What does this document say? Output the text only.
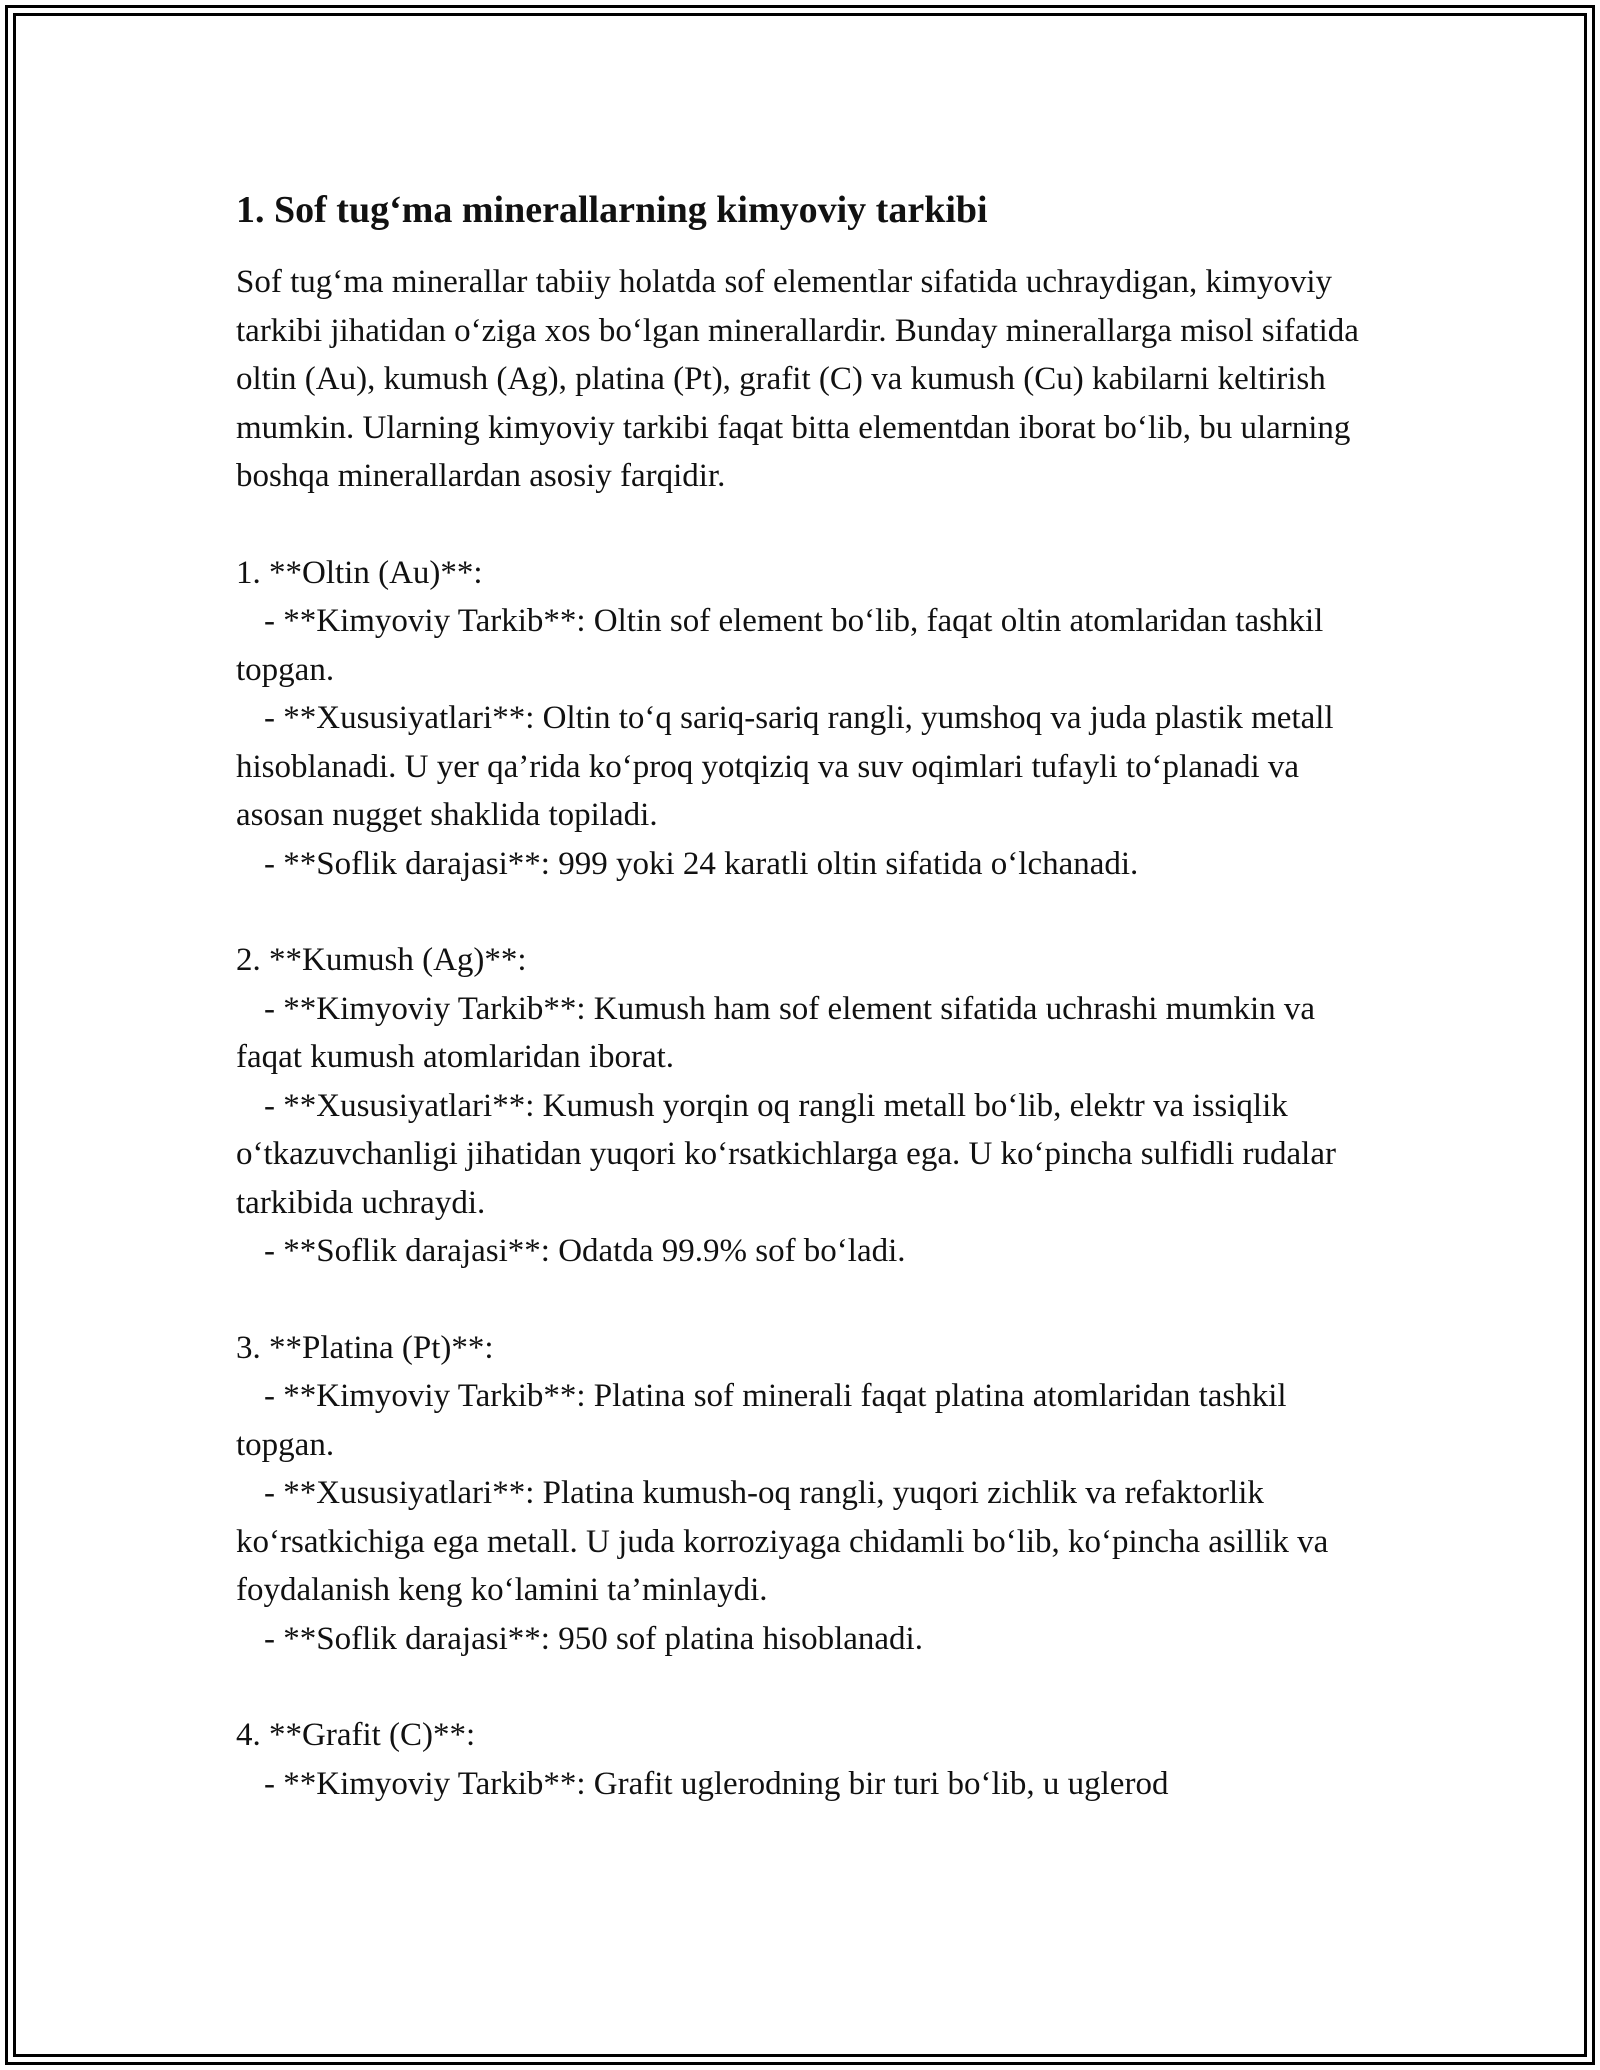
1. Sof tug‘ma minerallarning kimyoviy tarkibi

Sof tug‘ma minerallar tabiiy holatda sof elementlar sifatida uchraydigan, kimyoviy tarkibi jihatidan o‘ziga xos bo‘lgan minerallardir. Bunday minerallarga misol sifatida oltin (Au), kumush (Ag), platina (Pt), grafit (C) va kumush (Cu) kabilarni keltirish mumkin. Ularning kimyoviy tarkibi faqat bitta elementdan iborat bo‘lib, bu ularning boshqa minerallardan asosiy farqidir.

1. **Oltin (Au)**:

- **Kimyoviy Tarkib**: Oltin sof element bo‘lib, faqat oltin atomlaridan tashkil topgan.

- **Xususiyatlari**: Oltin to‘q sariq-sariq rangli, yumshoq va juda plastik metall hisoblanadi. U yer qa’rida ko‘proq yotqiziq va suv oqimlari tufayli to‘planadi va asosan nugget shaklida topiladi.

- **Soflik darajasi**: 999 yoki 24 karatli oltin sifatida o‘lchanadi.

2. **Kumush (Ag)**:

- **Kimyoviy Tarkib**: Kumush ham sof element sifatida uchrashi mumkin va faqat kumush atomlaridan iborat.

- **Xususiyatlari**: Kumush yorqin oq rangli metall bo‘lib, elektr va issiqlik o‘tkazuvchanligi jihatidan yuqori ko‘rsatkichlarga ega. U ko‘pincha sulfidli rudalar tarkibida uchraydi.

- **Soflik darajasi**: Odatda 99.9% sof bo‘ladi.

3. **Platina (Pt)**:

- **Kimyoviy Tarkib**: Platina sof minerali faqat platina atomlaridan tashkil topgan.

- **Xususiyatlari**: Platina kumush-oq rangli, yuqori zichlik va refaktorlik ko‘rsatkichiga ega metall. U juda korroziyaga chidamli bo‘lib, ko‘pincha asillik va foydalanish keng ko‘lamini ta’minlaydi.

- **Soflik darajasi**: 950 sof platina hisoblanadi.

4. **Grafit (C)**:

- **Kimyoviy Tarkib**: Grafit uglerodning bir turi bo‘lib, u uglerod
